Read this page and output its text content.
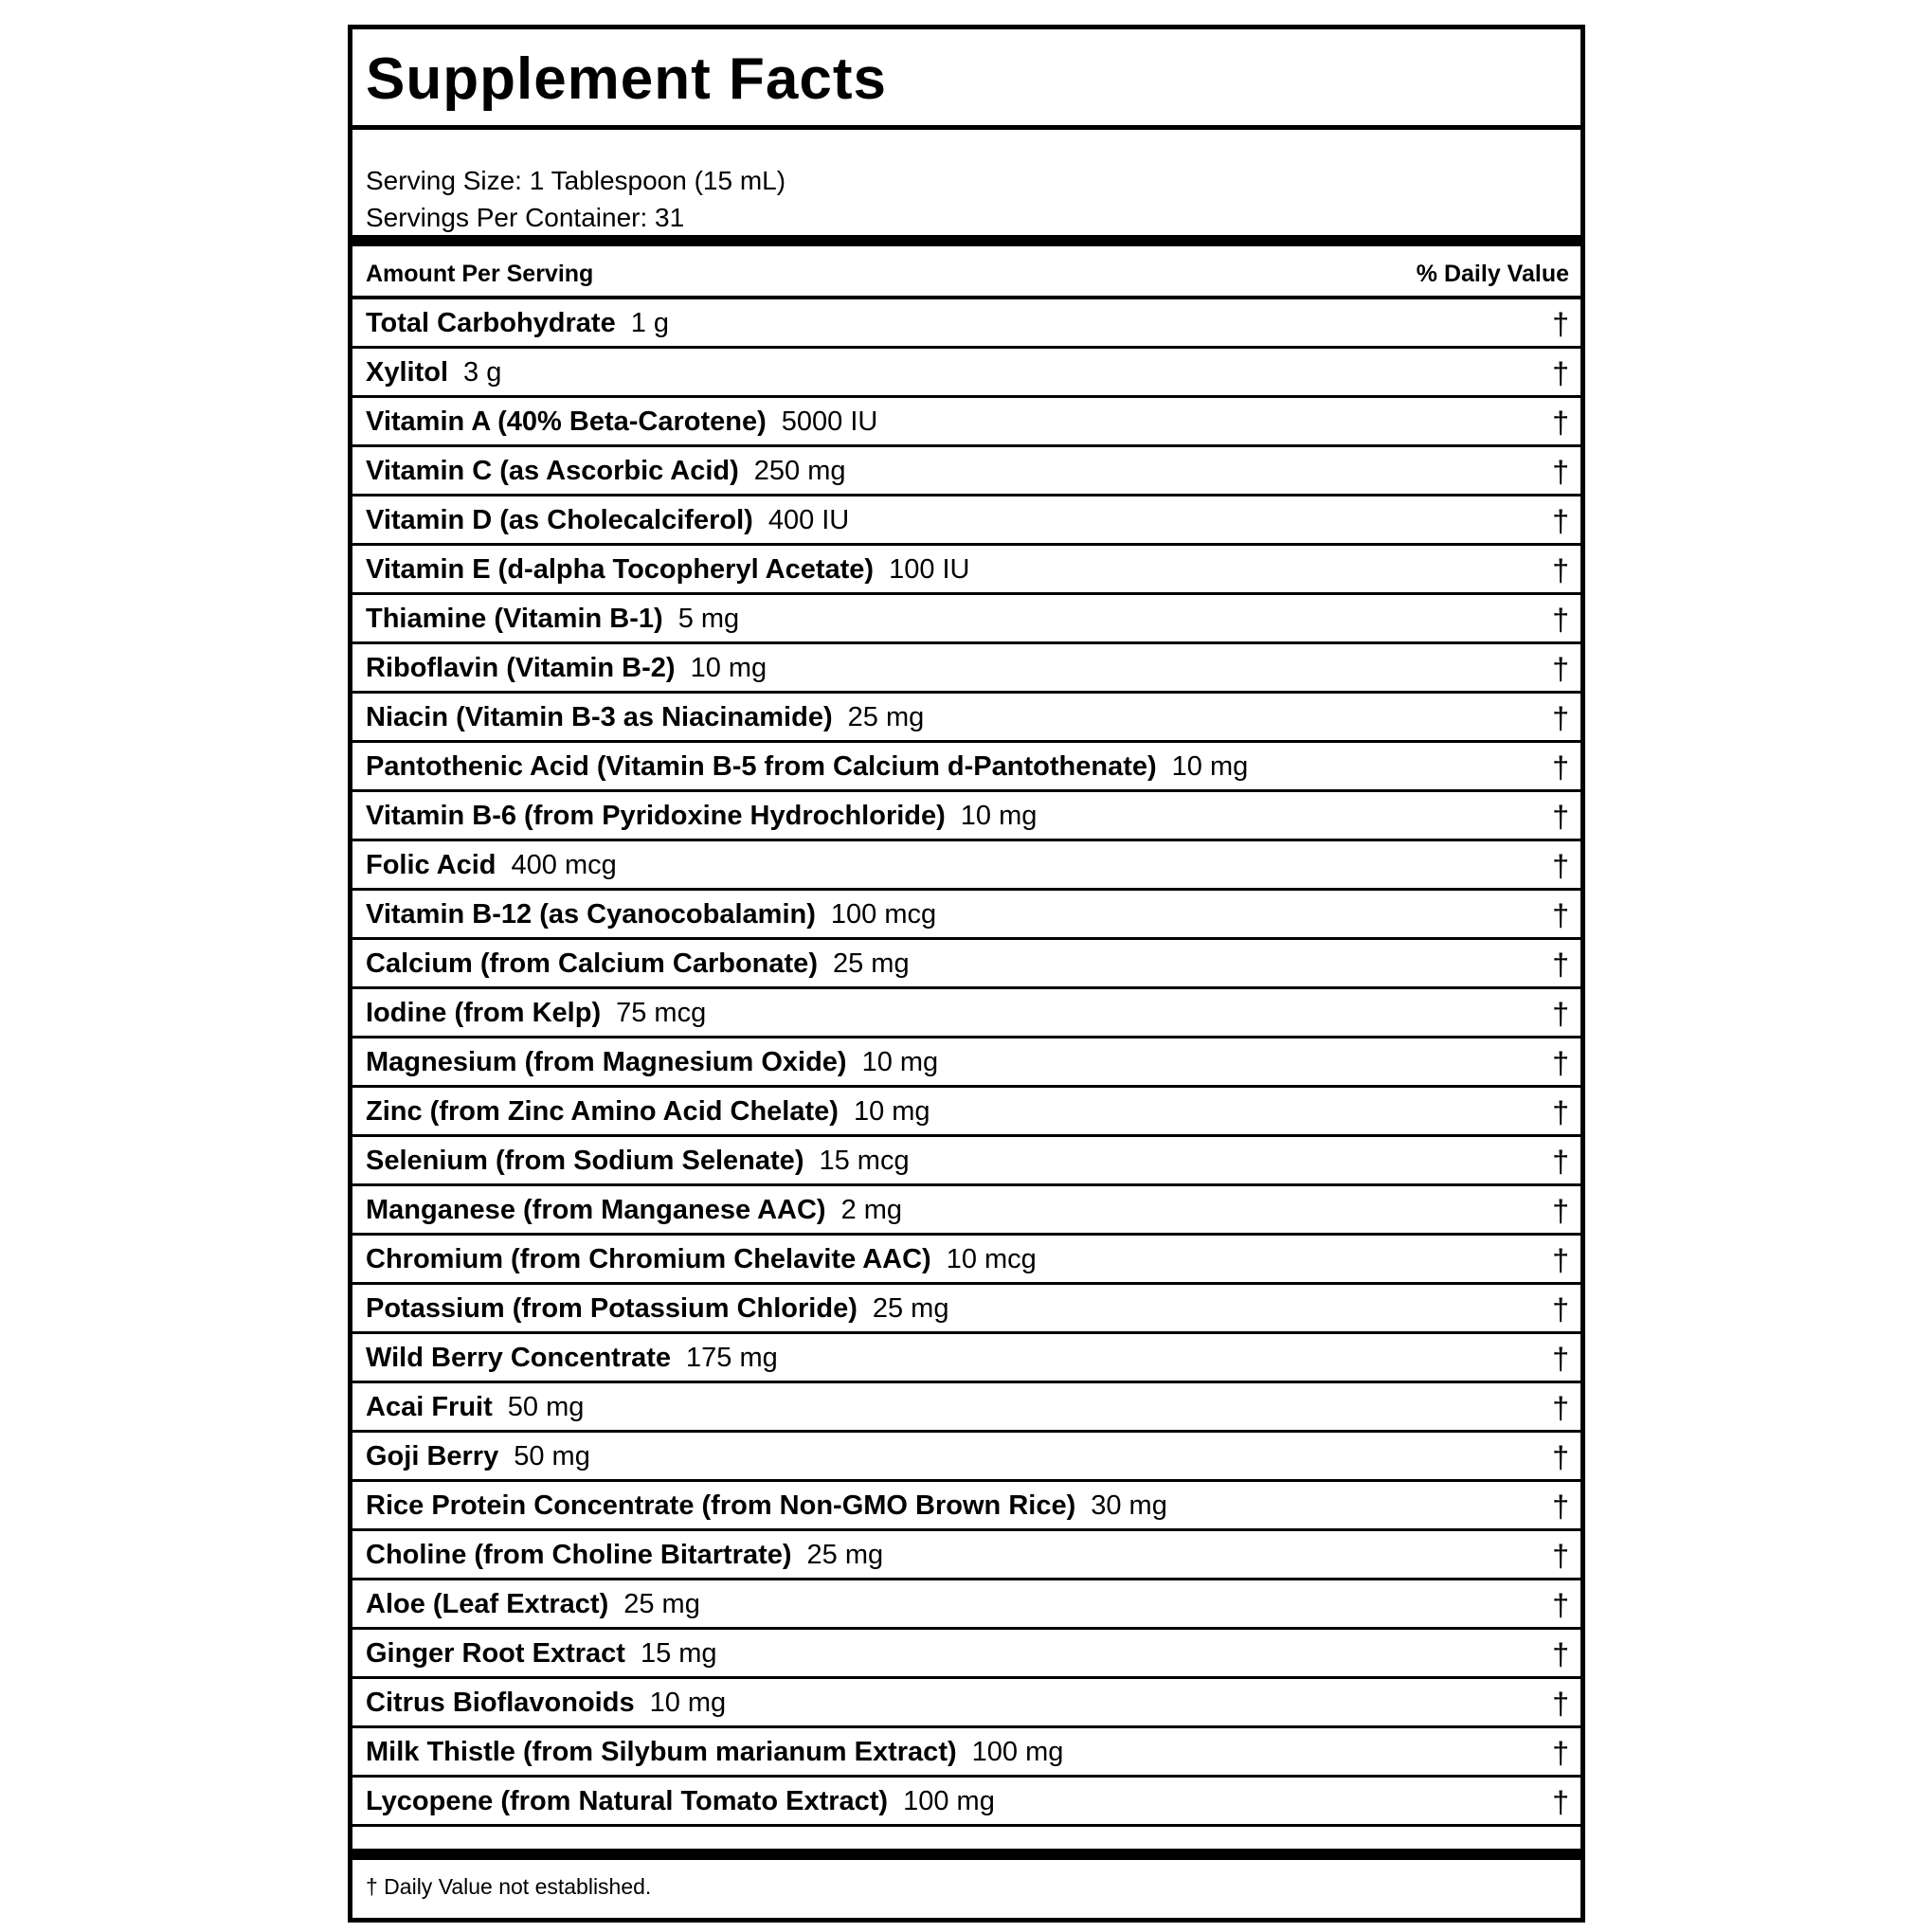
Supplement Facts
Serving Size: 1 Tablespoon (15 mL)
Servings Per Container: 31
Amount Per Serving	% Daily Value
Total Carbohydrate 1 g	†
Xylitol 3 g	†
Vitamin A (40% Beta-Carotene) 5000 IU	†
Vitamin C (as Ascorbic Acid) 250 mg	†
Vitamin D (as Cholecalciferol) 400 IU	†
Vitamin E (d-alpha Tocopheryl Acetate) 100 IU	†
Thiamine (Vitamin B-1) 5 mg	†
Riboflavin (Vitamin B-2) 10 mg	†
Niacin (Vitamin B-3 as Niacinamide) 25 mg	†
Pantothenic Acid (Vitamin B-5 from Calcium d-Pantothenate) 10 mg	†
Vitamin B-6 (from Pyridoxine Hydrochloride) 10 mg	†
Folic Acid 400 mcg	†
Vitamin B-12 (as Cyanocobalamin) 100 mcg	†
Calcium (from Calcium Carbonate) 25 mg	†
Iodine (from Kelp) 75 mcg	†
Magnesium (from Magnesium Oxide) 10 mg	†
Zinc (from Zinc Amino Acid Chelate) 10 mg	†
Selenium (from Sodium Selenate) 15 mcg	†
Manganese (from Manganese AAC) 2 mg	†
Chromium (from Chromium Chelavite AAC) 10 mcg	†
Potassium (from Potassium Chloride) 25 mg	†
Wild Berry Concentrate 175 mg	†
Acai Fruit 50 mg	†
Goji Berry 50 mg	†
Rice Protein Concentrate (from Non-GMO Brown Rice) 30 mg	†
Choline (from Choline Bitartrate) 25 mg	†
Aloe (Leaf Extract) 25 mg	†
Ginger Root Extract 15 mg	†
Citrus Bioflavonoids 10 mg	†
Milk Thistle (from Silybum marianum Extract) 100 mg	†
Lycopene (from Natural Tomato Extract) 100 mg	†
† Daily Value not established.
